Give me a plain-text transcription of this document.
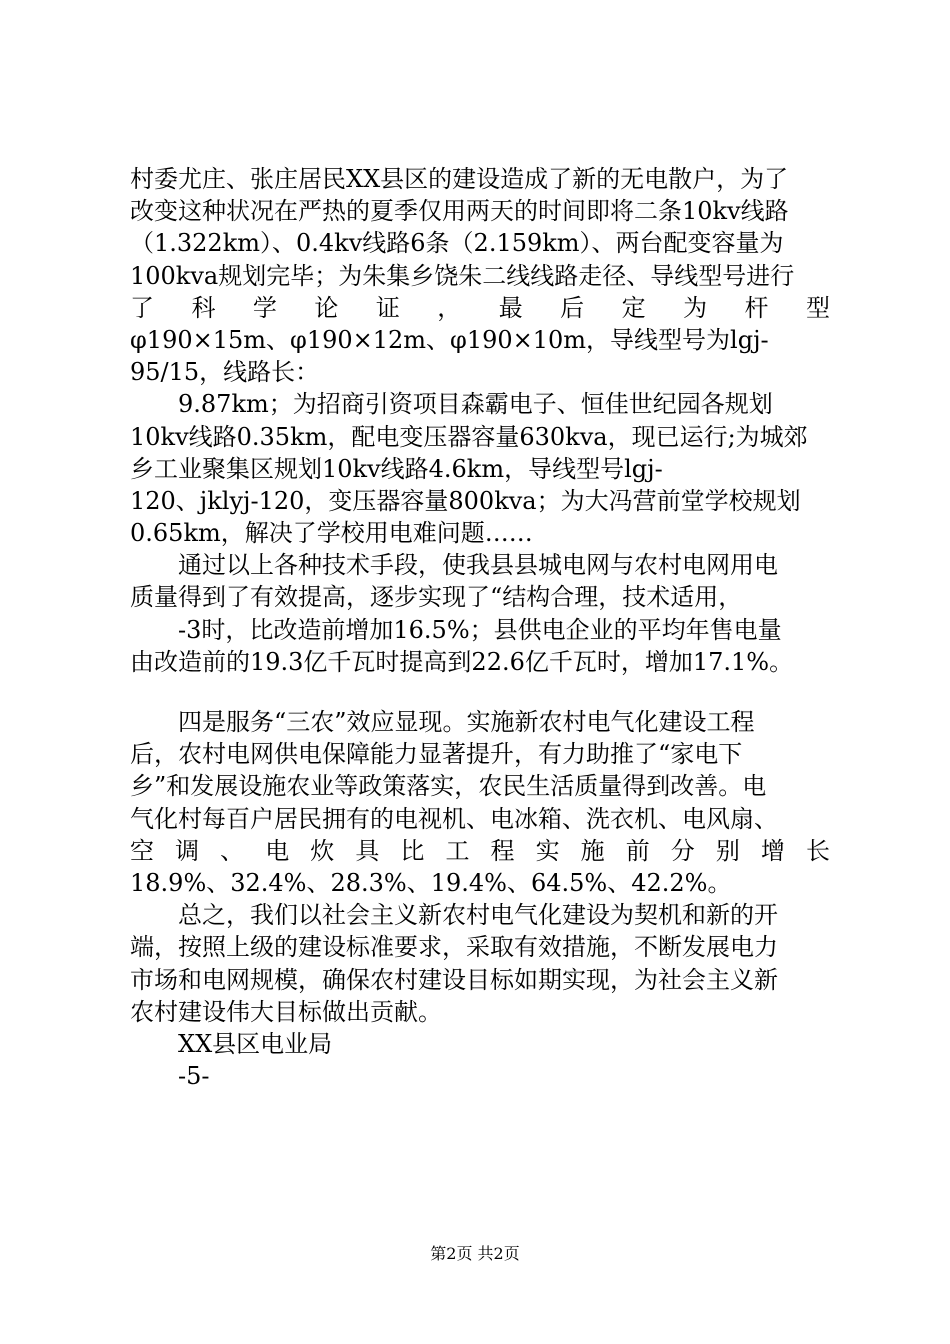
村委尤庄、张庄居民XX县区的建设造成了新的无电散户，为了
改变这种状况在严热的夏季仅用两天的时间即将二条10kv线路
（1.322km）、0.4kv线路6条（2.159km）、两台配变容量为
100kva规划完毕；为朱集乡饶朱二线线路走径、导线型号进行
了 科 学 论 证 ， 最 后 定 为 杆 型
φ190×15m、φ190×12m、φ190×10m，导线型号为lgj-
95/15，线路长：
9.87km；为招商引资项目森霸电子、恒佳世纪园各规划
10kv线路0.35km，配电变压器容量630kva，现已运行;为城郊
乡工业聚集区规划10kv线路4.6km，导线型号lgj-
120、jklyj-120，变压器容量800kva；为大冯营前堂学校规划
0.65km，解决了学校用电难问题……
通过以上各种技术手段，使我县县城电网与农村电网用电
质量得到了有效提高，逐步实现了“结构合理，技术适用，
-3时，比改造前增加16.5%；县供电企业的平均年售电量
由改造前的19.3亿千瓦时提高到22.6亿千瓦时，增加17.1%。
四是服务“三农”效应显现。实施新农村电气化建设工程
后，农村电网供电保障能力显著提升，有力助推了“家电下
乡”和发展设施农业等政策落实，农民生活质量得到改善。电
气化村每百户居民拥有的电视机、电冰箱、洗衣机、电风扇、
空 调 、 电 炊 具 比 工 程 实 施 前 分 别 增 长
18.9%、32.4%、28.3%、19.4%、64.5%、42.2%。
总之，我们以社会主义新农村电气化建设为契机和新的开
端，按照上级的建设标准要求，采取有效措施，不断发展电力
市场和电网规模，确保农村建设目标如期实现，为社会主义新
农村建设伟大目标做出贡献。
XX县区电业局
-5-
第2页 共2页
